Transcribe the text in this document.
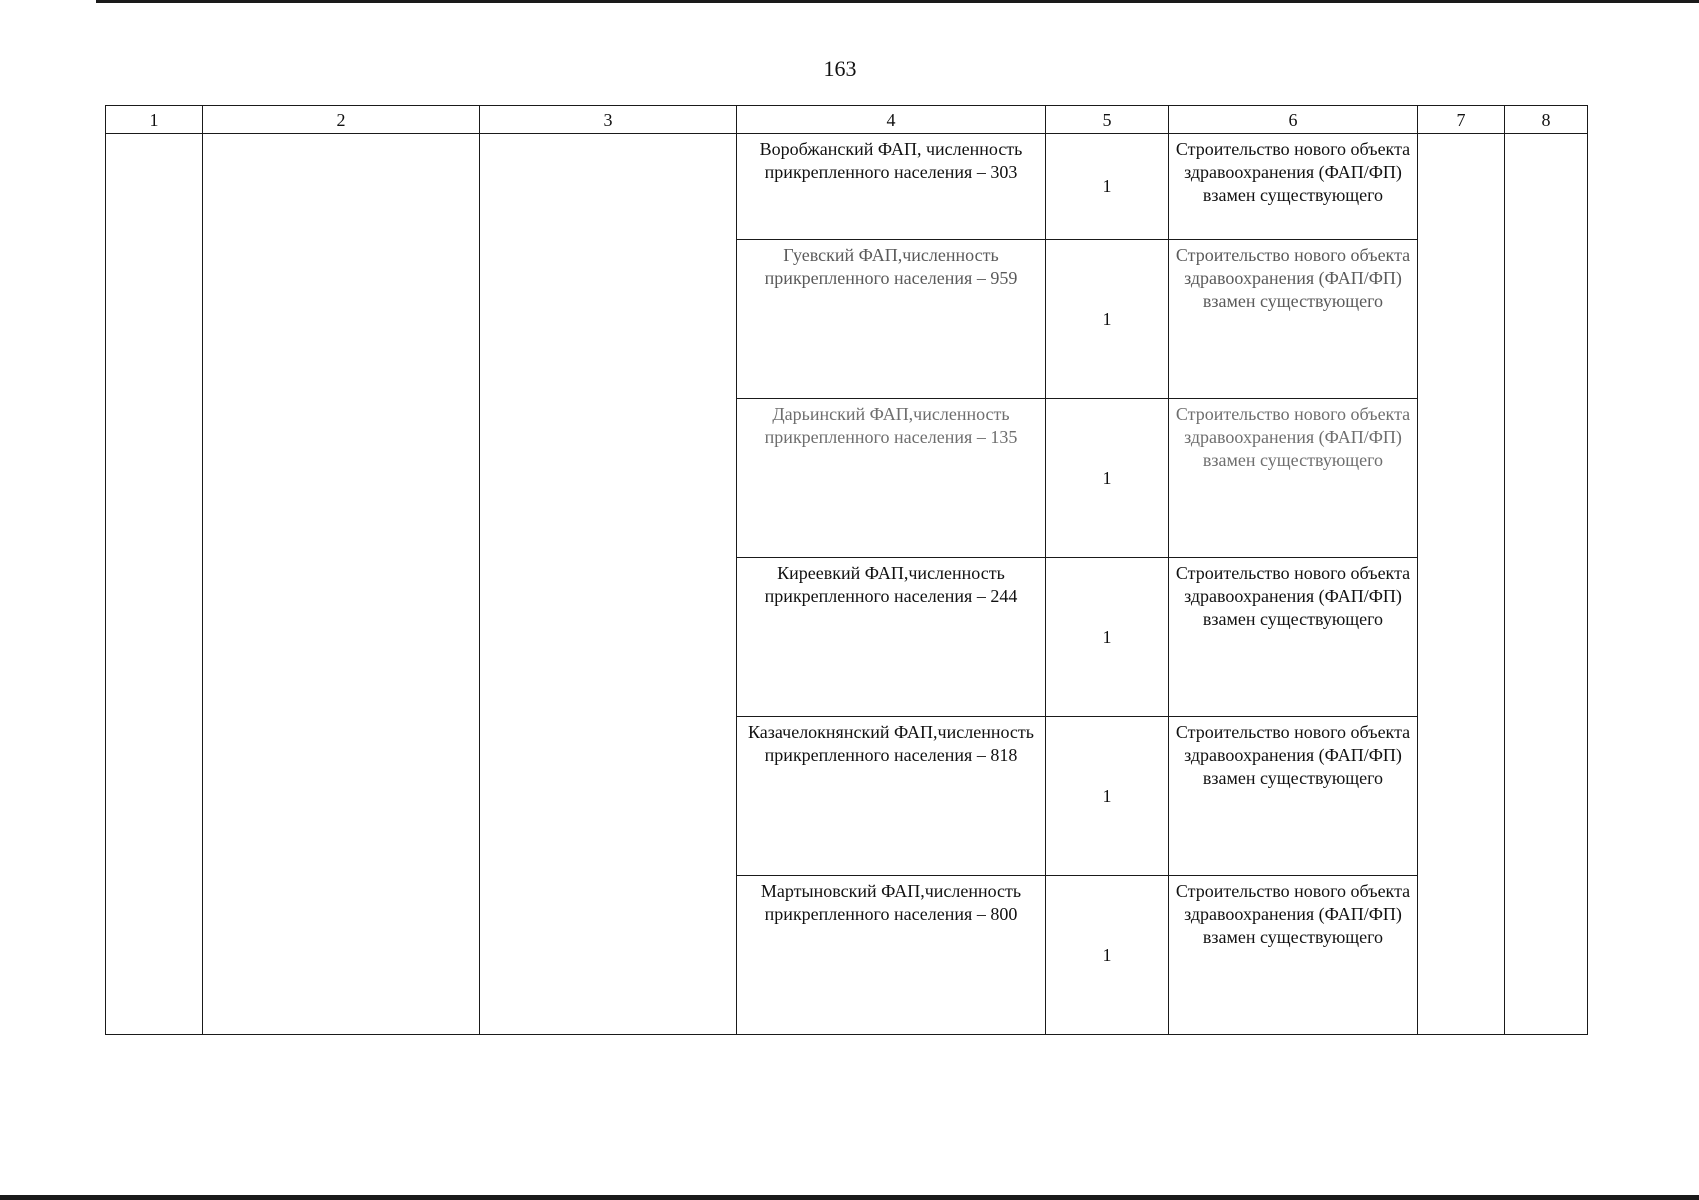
163
1	2	3	4	5	6	7	8
			Воробжанский ФАП, численность прикрепленного населения – 303	1	Строительство нового объекта здравоохранения (ФАП/ФП) взамен существующего		
			Гуевский ФАП,численность прикрепленного населения – 959	1	Строительство нового объекта здравоохранения (ФАП/ФП) взамен существующего		
			Дарьинский ФАП,численность прикрепленного населения – 135	1	Строительство нового объекта здравоохранения (ФАП/ФП) взамен существующего		
			Киреевкий ФАП,численность прикрепленного населения – 244	1	Строительство нового объекта здравоохранения (ФАП/ФП) взамен существующего		
			Казачелокнянский ФАП,численность прикрепленного населения – 818	1	Строительство нового объекта здравоохранения (ФАП/ФП) взамен существующего		
			Мартыновский ФАП,численность прикрепленного населения – 800	1	Строительство нового объекта здравоохранения (ФАП/ФП) взамен существующего		
